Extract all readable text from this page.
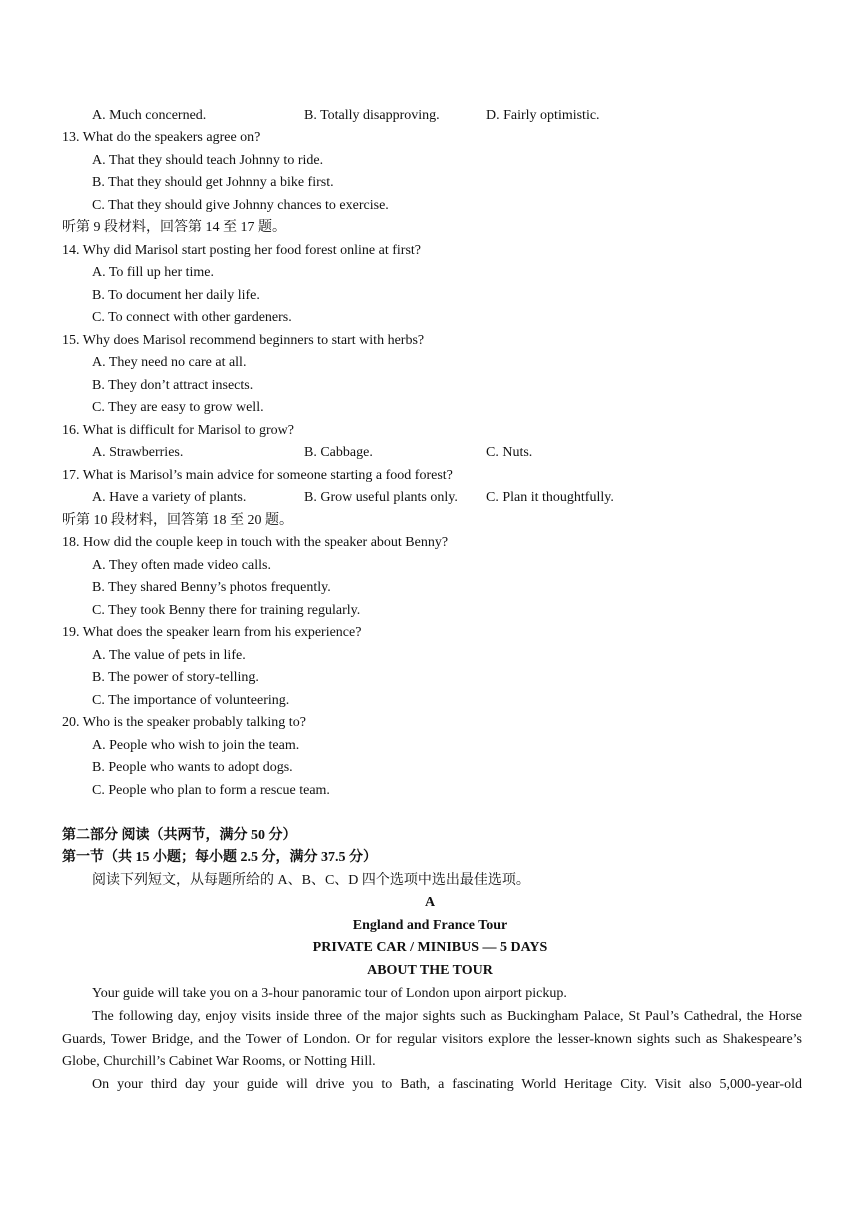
A. Much concerned.	B. Totally disapproving.	D. Fairly optimistic.
13. What do the speakers agree on?
A. That they should teach Johnny to ride.
B. That they should get Johnny a bike first.
C. That they should give Johnny chances to exercise.
听第 9 段材料，回答第 14 至 17 题。
14. Why did Marisol start posting her food forest online at first?
A. To fill up her time.
B. To document her daily life.
C. To connect with other gardeners.
15. Why does Marisol recommend beginners to start with herbs?
A. They need no care at all.
B. They don’t attract insects.
C. They are easy to grow well.
16. What is difficult for Marisol to grow?
A. Strawberries.	B. Cabbage.	C. Nuts.
17. What is Marisol’s main advice for someone starting a food forest?
A. Have a variety of plants.	B. Grow useful plants only. C. Plan it thoughtfully.
听第 10 段材料，回答第 18 至 20 题。
18. How did the couple keep in touch with the speaker about Benny?
A. They often made video calls.
B. They shared Benny’s photos frequently.
C. They took Benny there for training regularly.
19. What does the speaker learn from his experience?
A. The value of pets in life.
B. The power of story-telling.
C. The importance of volunteering.
20. Who is the speaker probably talking to?
A. People who wish to join the team.
B. People who wants to adopt dogs.
C. People who plan to form a rescue team.
第二部分 阅读（共两节，满分 50 分）
第一节（共 15 小题；每小题 2.5 分，满分 37.5 分）
阅读下列短文，从每题所给的 A、B、C、D 四个选项中选出最佳选项。
A
England and France Tour
PRIVATE CAR / MINIBUS — 5 DAYS
ABOUT THE TOUR
Your guide will take you on a 3-hour panoramic tour of London upon airport pickup.
The following day, enjoy visits inside three of the major sights such as Buckingham Palace, St Paul’s Cathedral, the Horse Guards, Tower Bridge, and the Tower of London. Or for regular visitors explore the lesser-known sights such as Shakespeare’s Globe, Churchill’s Cabinet War Rooms, or Notting Hill.
On your third day your guide will drive you to Bath, a fascinating World Heritage City. Visit also 5,000-year-old
